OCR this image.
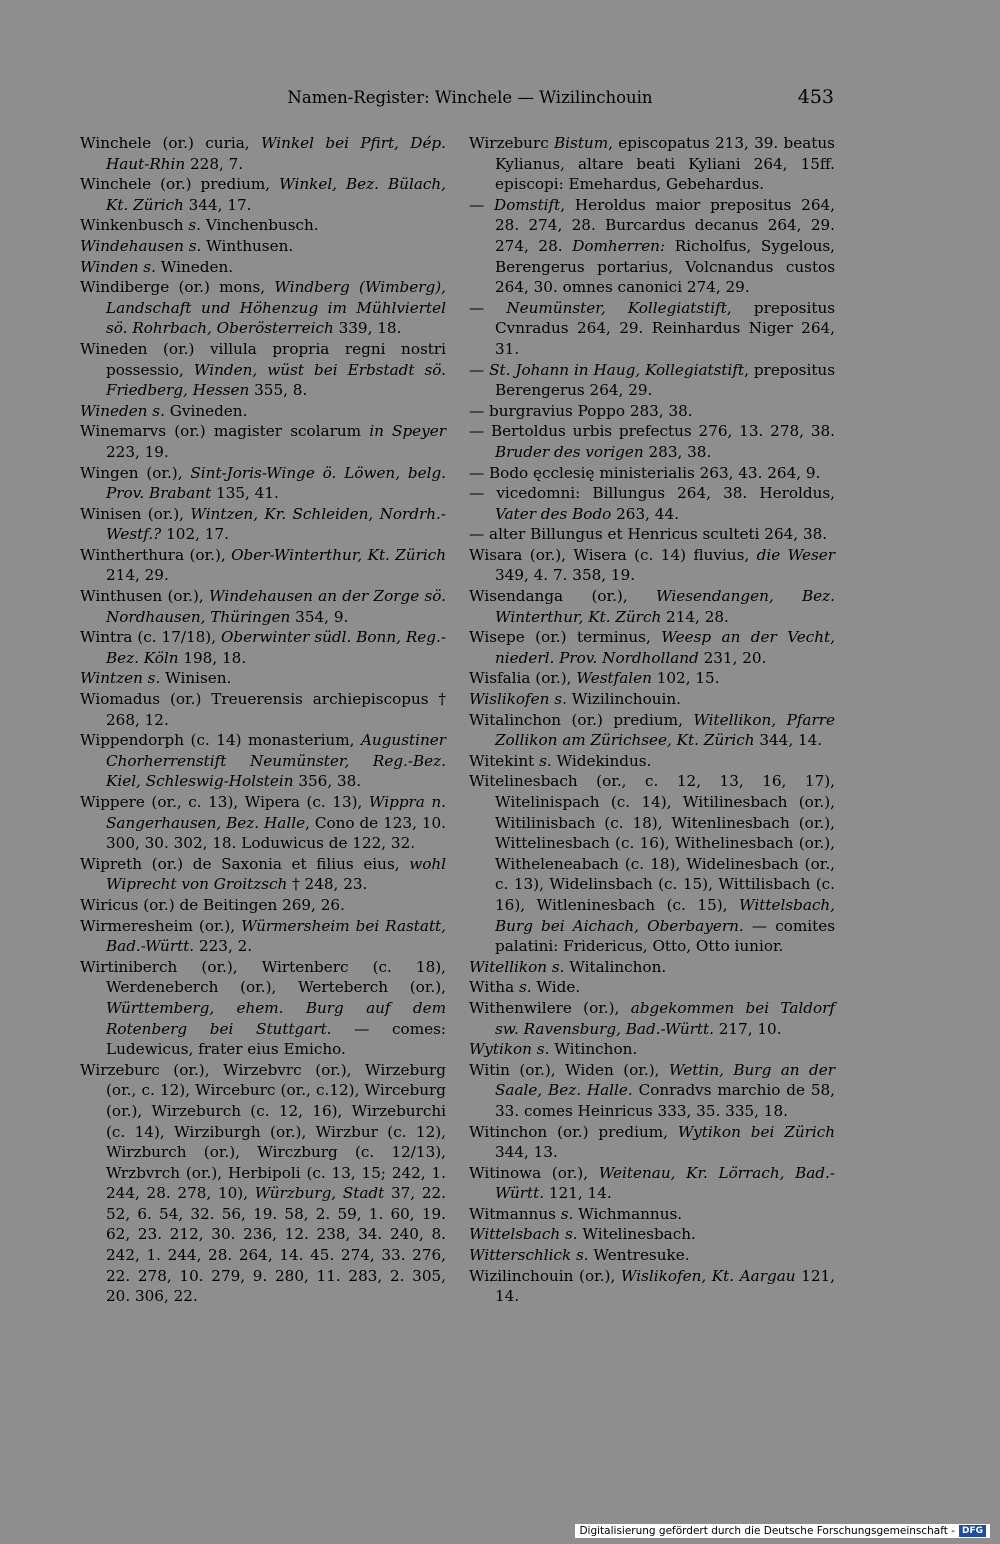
Namen-Register: Winchele — Wizilinchouin	453
Winchele (or.) curia, Winkel bei Pfirt, Dép. Haut-Rhin 228, 7.
Winchele (or.) predium, Winkel, Bez. Bülach, Kt. Zürich 344, 17.
Winkenbusch s. Vinchenbusch.
Windehausen s. Winthusen.
Winden s. Wineden.
Windiberge (or.) mons, Windberg (Wimberg), Landschaft und Höhenzug im Mühlviertel sö. Rohrbach, Oberösterreich 339, 18.
Wineden (or.) villula propria regni nostri possessio, Winden, wüst bei Erbstadt sö. Friedberg, Hessen 355, 8.
Wineden s. Gvineden.
Winemarvs (or.) magister scolarum in Speyer 223, 19.
Wingen (or.), Sint-Joris-Winge ö. Löwen, belg. Prov. Brabant 135, 41.
Winisen (or.), Wintzen, Kr. Schleiden, Nordrh.-Westf.? 102, 17.
Wintherthura (or.), Ober-Winterthur, Kt. Zürich 214, 29.
Winthusen (or.), Windehausen an der Zorge sö. Nordhausen, Thüringen 354, 9.
Wintra (c. 17/18), Oberwinter südl. Bonn, Reg.-Bez. Köln 198, 18.
Wintzen s. Winisen.
Wiomadus (or.) Treuerensis archiepiscopus † 268, 12.
Wippendorph (c. 14) monasterium, Augustiner Chorherrenstift Neumünster, Reg.-Bez. Kiel, Schleswig-Holstein 356, 38.
Wippere (or., c. 13), Wipera (c. 13), Wippra n. Sangerhausen, Bez. Halle, Cono de 123, 10. 300, 30. 302, 18. Loduwicus de 122, 32.
Wipreth (or.) de Saxonia et filius eius, wohl Wiprecht von Groitzsch † 248, 23.
Wiricus (or.) de Beitingen 269, 26.
Wirmeresheim (or.), Würmersheim bei Rastatt, Bad.-Württ. 223, 2.
Wirtiniberch (or.), Wirtenberc (c. 18), Werdeneberch (or.), Werteberch (or.), Württemberg, ehem. Burg auf dem Rotenberg bei Stuttgart. — comes: Ludewicus, frater eius Emicho.
Wirzeburc (or.), Wirzebvrc (or.), Wirzeburg (or., c. 12), Wirceburc (or., c.12), Wirceburg (or.), Wirzeburch (c. 12, 16), Wirzeburchi (c. 14), Wirziburgh (or.), Wirzbur (c. 12), Wirzburch (or.), Wirczburg (c. 12/13), Wrzbvrch (or.), Herbipoli (c. 13, 15; 242, 1. 244, 28. 278, 10), Würzburg, Stadt 37, 22. 52, 6. 54, 32. 56, 19. 58, 2. 59, 1. 60, 19. 62, 23. 212, 30. 236, 12. 238, 34. 240, 8. 242, 1. 244, 28. 264, 14. 45. 274, 33. 276, 22. 278, 10. 279, 9. 280, 11. 283, 2. 305, 20. 306, 22.
Wirzeburc Bistum, episcopatus 213, 39. beatus Kylianus, altare beati Kyliani 264, 15ff. episcopi: Emehardus, Gebehardus.
— Domstift, Heroldus maior prepositus 264, 28. 274, 28. Burcardus decanus 264, 29. 274, 28. Domherren: Richolfus, Sygelous, Berengerus portarius, Volcnandus custos 264, 30. omnes canonici 274, 29.
— Neumünster, Kollegiatstift, prepositus Cvnradus 264, 29. Reinhardus Niger 264, 31.
— St. Johann in Haug, Kollegiatstift, prepositus Berengerus 264, 29.
— burgravius Poppo 283, 38.
— Bertoldus urbis prefectus 276, 13. 278, 38. Bruder des vorigen 283, 38.
— Bodo ęcclesię ministerialis 263, 43. 264, 9.
— vicedomni: Billungus 264, 38. Heroldus, Vater des Bodo 263, 44.
— alter Billungus et Henricus sculteti 264, 38.
Wisara (or.), Wisera (c. 14) fluvius, die Weser 349, 4. 7. 358, 19.
Wisendanga (or.), Wiesendangen, Bez. Winterthur, Kt. Zürch 214, 28.
Wisepe (or.) terminus, Weesp an der Vecht, niederl. Prov. Nordholland 231, 20.
Wisfalia (or.), Westfalen 102, 15.
Wislikofen s. Wizilinchouin.
Witalinchon (or.) predium, Witellikon, Pfarre Zollikon am Zürichsee, Kt. Zürich 344, 14.
Witekint s. Widekindus.
Witelinesbach (or., c. 12, 13, 16, 17), Witelinispach (c. 14), Witilinesbach (or.), Witilinisbach (c. 18), Witenlinesbach (or.), Wittelinesbach (c. 16), Withelinesbach (or.), Witheleneabach (c. 18), Widelinesbach (or., c. 13), Widelinsbach (c. 15), Wittilisbach (c. 16), Witleninesbach (c. 15), Wittelsbach, Burg bei Aichach, Oberbayern. — comites palatini: Fridericus, Otto, Otto iunior.
Witellikon s. Witalinchon.
Witha s. Wide.
Withenwilere (or.), abgekommen bei Taldorf sw. Ravensburg, Bad.-Württ. 217, 10.
Wytikon s. Witinchon.
Witin (or.), Widen (or.), Wettin, Burg an der Saale, Bez. Halle. Conradvs marchio de 58, 33. comes Heinricus 333, 35. 335, 18.
Witinchon (or.) predium, Wytikon bei Zürich 344, 13.
Witinowa (or.), Weitenau, Kr. Lörrach, Bad.-Württ. 121, 14.
Witmannus s. Wichmannus.
Wittelsbach s. Witelinesbach.
Witterschlick s. Wentresuke.
Wizilinchouin (or.), Wislikofen, Kt. Aargau 121, 14.
Digitalisierung gefördert durch die Deutsche Forschungsgemeinschaft - DFG
